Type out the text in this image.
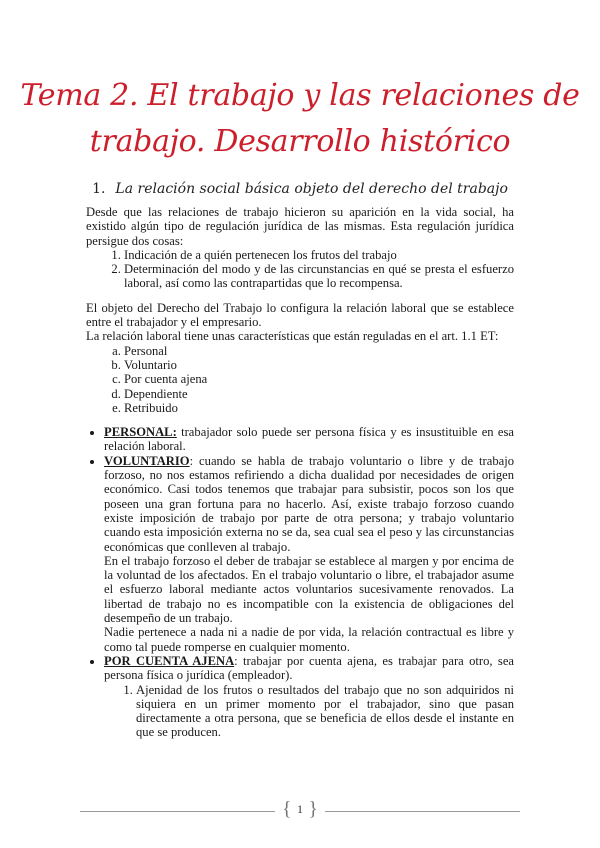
Tema 2. El trabajo y las relaciones de
trabajo. Desarrollo histórico
1. La relación social básica objeto del derecho del trabajo

Desde que las relaciones de trabajo hicieron su aparición en la vida social, ha existido algún tipo de regulación jurídica de las mismas. Esta regulación jurídica persigue dos cosas:

1. Indicación de a quién pertenecen los frutos del trabajo
2. Determinación del modo y de las circunstancias en qué se presta el esfuerzo laboral, así como las contrapartidas que lo recompensa.

El objeto del Derecho del Trabajo lo configura la relación laboral que se establece entre el trabajador y el empresario.

La relación laboral tiene unas características que están reguladas en el art. 1.1 ET:

a. Personal
b. Voluntario
c. Por cuenta ajena
d. Dependiente
e. Retribuido

• PERSONAL: trabajador solo puede ser persona física y es insustituible en esa relación laboral.

• VOLUNTARIO: cuando se habla de trabajo voluntario o libre y de trabajo forzoso, no nos estamos refiriendo a dicha dualidad por necesidades de origen económico. Casi todos tenemos que trabajar para subsistir, pocos son los que poseen una gran fortuna para no hacerlo. Así, existe trabajo forzoso cuando existe imposición de trabajo por parte de otra persona; y trabajo voluntario cuando esta imposición externa no se da, sea cual sea el peso y las circunstancias económicas que conlleven al trabajo.

En el trabajo forzoso el deber de trabajar se establece al margen y por encima de la voluntad de los afectados. En el trabajo voluntario o libre, el trabajador asume el esfuerzo laboral mediante actos voluntarios sucesivamente renovados. La libertad de trabajo no es incompatible con la existencia de obligaciones del desempeño de un trabajo.

Nadie pertenece a nada ni a nadie de por vida, la relación contractual es libre y como tal puede romperse en cualquier momento.

• POR CUENTA AJENA: trabajar por cuenta ajena, es trabajar para otro, sea persona física o jurídica (empleador).

1. Ajenidad de los frutos o resultados del trabajo que no son adquiridos ni siquiera en un primer momento por el trabajador, sino que pasan directamente a otra persona, que se beneficia de ellos desde el instante en que se producen.
{ 1 }
